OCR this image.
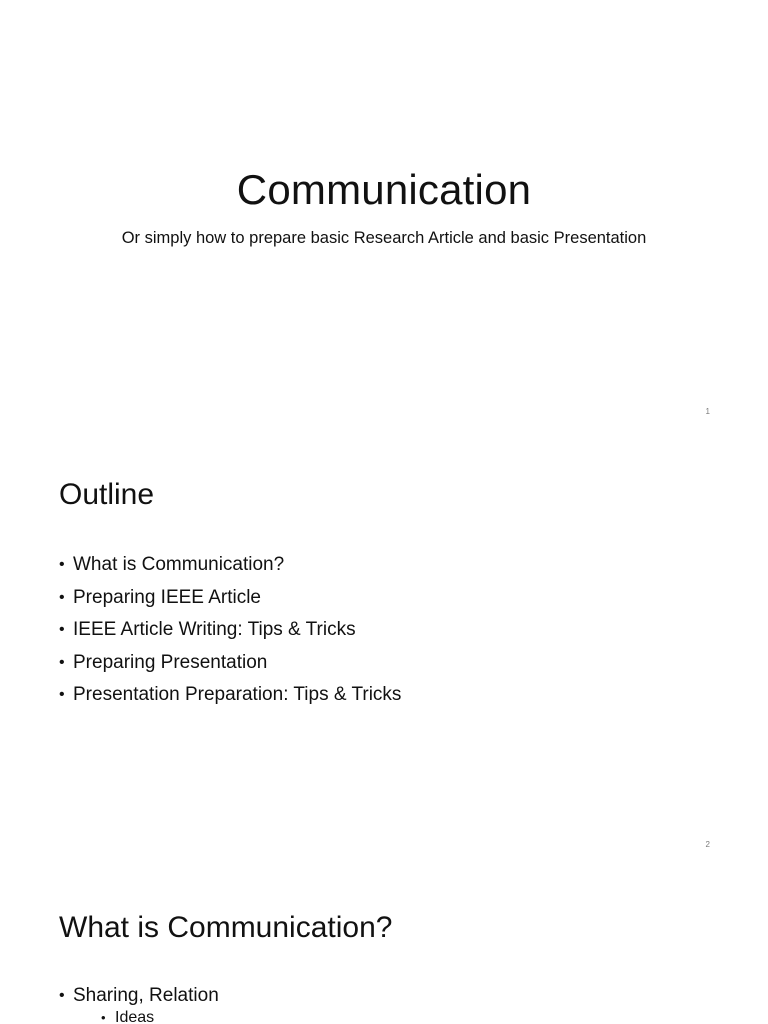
Communication

Or simply how to prepare basic Research Article and basic Presentation

1
Outline
• What is Communication?
• Preparing IEEE Article
• IEEE Article Writing: Tips & Tricks
• Preparing Presentation
• Presentation Preparation: Tips & Tricks
2
What is Communication?
• Sharing, Relation
• Ideas
